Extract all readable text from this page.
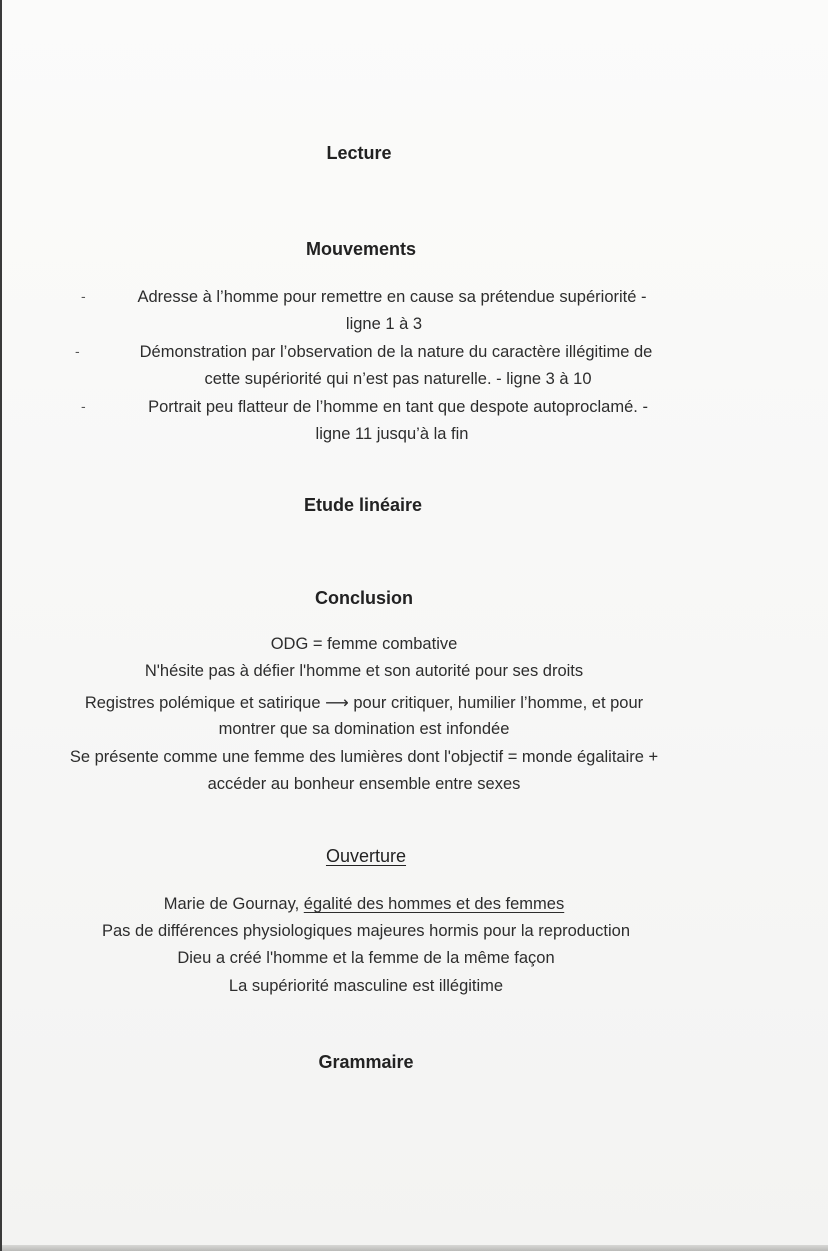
Lecture
Mouvements
-	Adresse à l’homme pour remettre en cause sa prétendue supériorité -
ligne 1 à 3
-	Démonstration par l’observation de la nature du caractère illégitime de
cette supériorité qui n’est pas naturelle. - ligne 3 à 10
-	Portrait peu flatteur de l’homme en tant que despote autoproclamé. -
ligne 11 jusqu’à la fin
Etude linéaire
Conclusion
ODG = femme combative
N'hésite pas à défier l'homme et son autorité pour ses droits
Registres polémique et satirique ⟶ pour critiquer, humilier l’homme, et pour
montrer que sa domination est infondée
Se présente comme une femme des lumières dont l'objectif = monde égalitaire +
accéder au bonheur ensemble entre sexes
Ouverture
Marie de Gournay, égalité des hommes et des femmes
Pas de différences physiologiques majeures hormis pour la reproduction
Dieu a créé l'homme et la femme de la même façon
La supériorité masculine est illégitime
Grammaire
